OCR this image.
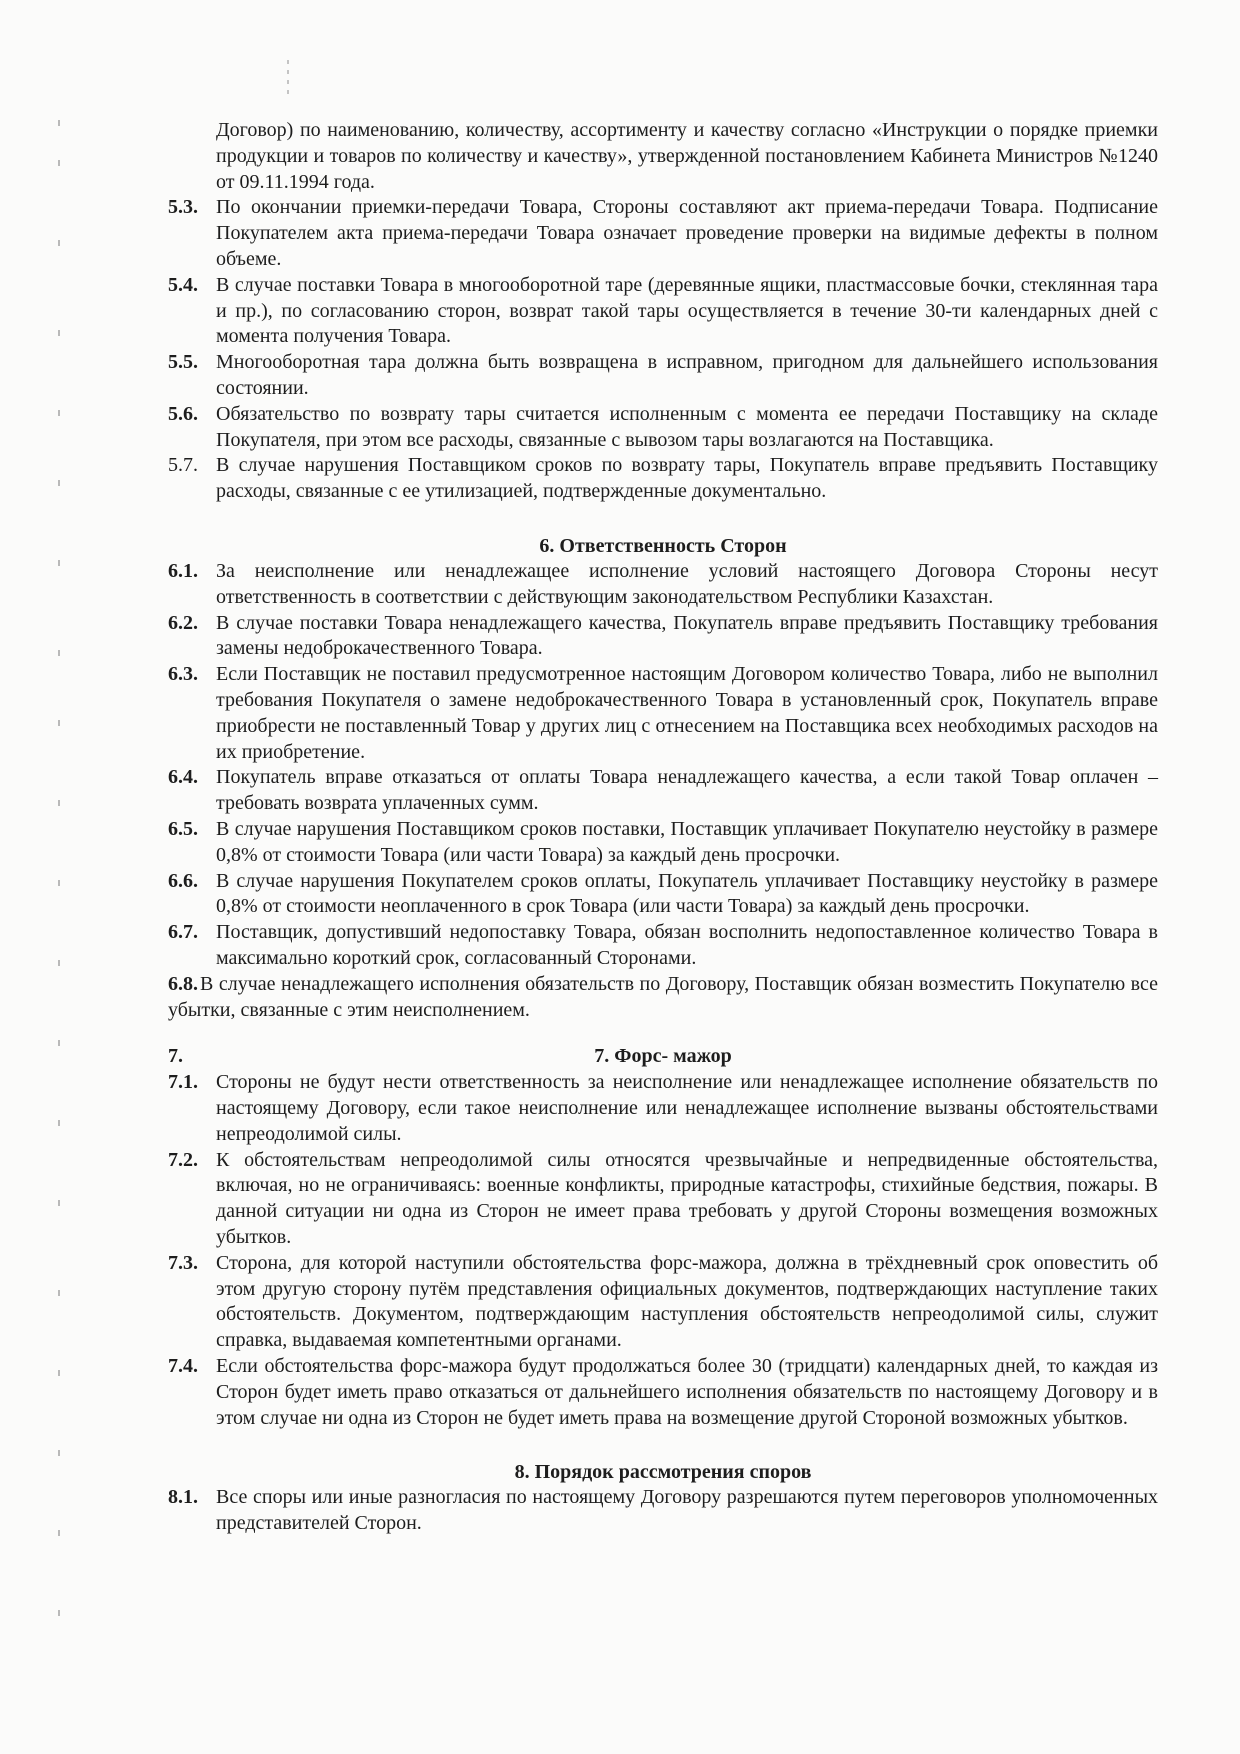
Договор) по наименованию, количеству, ассортименту и качеству согласно «Инструкции о порядке приемки продукции и товаров по количеству и качеству», утвержденной постановлением Кабинета Министров №1240 от 09.11.1994 года.

5.3. По окончании приемки-передачи Товара, Стороны составляют акт приема-передачи Товара. Подписание Покупателем акта приема-передачи Товара означает проведение проверки на видимые дефекты в полном объеме.

5.4. В случае поставки Товара в многооборотной таре (деревянные ящики, пластмассовые бочки, стеклянная тара и пр.), по согласованию сторон, возврат такой тары осуществляется в течение 30-ти календарных дней с момента получения Товара.

5.5. Многооборотная тара должна быть возвращена в исправном, пригодном для дальнейшего использования состоянии.

5.6. Обязательство по возврату тары считается исполненным с момента ее передачи Поставщику на складе Покупателя, при этом все расходы, связанные с вывозом тары возлагаются на Поставщика.

5.7. В случае нарушения Поставщиком сроков по возврату тары, Покупатель вправе предъявить Поставщику расходы, связанные с ее утилизацией, подтвержденные документально.

6. Ответственность Сторон

6.1. За неисполнение или ненадлежащее исполнение условий настоящего Договора Стороны несут ответственность в соответствии с действующим законодательством Республики Казахстан.

6.2. В случае поставки Товара ненадлежащего качества, Покупатель вправе предъявить Поставщику требования замены недоброкачественного Товара.

6.3. Если Поставщик не поставил предусмотренное настоящим Договором количество Товара, либо не выполнил требования Покупателя о замене недоброкачественного Товара в установленный срок, Покупатель вправе приобрести не поставленный Товар у других лиц с отнесением на Поставщика всех необходимых расходов на их приобретение.

6.4. Покупатель вправе отказаться от оплаты Товара ненадлежащего качества, а если такой Товар оплачен – требовать возврата уплаченных сумм.

6.5. В случае нарушения Поставщиком сроков поставки, Поставщик уплачивает Покупателю неустойку в размере 0,8% от стоимости Товара (или части Товара) за каждый день просрочки.

6.6. В случае нарушения Покупателем сроков оплаты, Покупатель уплачивает Поставщику неустойку в размере 0,8% от стоимости неоплаченного в срок Товара (или части Товара) за каждый день просрочки.

6.7. Поставщик, допустивший недопоставку Товара, обязан восполнить недопоставленное количество Товара в максимально короткий срок, согласованный Сторонами.

6.8. В случае ненадлежащего исполнения обязательств по Договору, Поставщик обязан возместить Покупателю все убытки, связанные с этим неисполнением.

7.	7. Форс- мажор

7.1. Стороны не будут нести ответственность за неисполнение или ненадлежащее исполнение обязательств по настоящему Договору, если такое неисполнение или ненадлежащее исполнение вызваны обстоятельствами непреодолимой силы.

7.2. К обстоятельствам непреодолимой силы относятся чрезвычайные и непредвиденные обстоятельства, включая, но не ограничиваясь: военные конфликты, природные катастрофы, стихийные бедствия, пожары. В данной ситуации ни одна из Сторон не имеет права требовать у другой Стороны возмещения возможных убытков.

7.3. Сторона, для которой наступили обстоятельства форс-мажора, должна в трёхдневный срок оповестить об этом другую сторону путём представления официальных документов, подтверждающих наступление таких обстоятельств. Документом, подтверждающим наступления обстоятельств непреодолимой силы, служит справка, выдаваемая компетентными органами.

7.4. Если обстоятельства форс-мажора будут продолжаться более 30 (тридцати) календарных дней, то каждая из Сторон будет иметь право отказаться от дальнейшего исполнения обязательств по настоящему Договору и в этом случае ни одна из Сторон не будет иметь права на возмещение другой Стороной возможных убытков.

8. Порядок рассмотрения споров

8.1. Все споры или иные разногласия по настоящему Договору разрешаются путем переговоров уполномоченных представителей Сторон.
